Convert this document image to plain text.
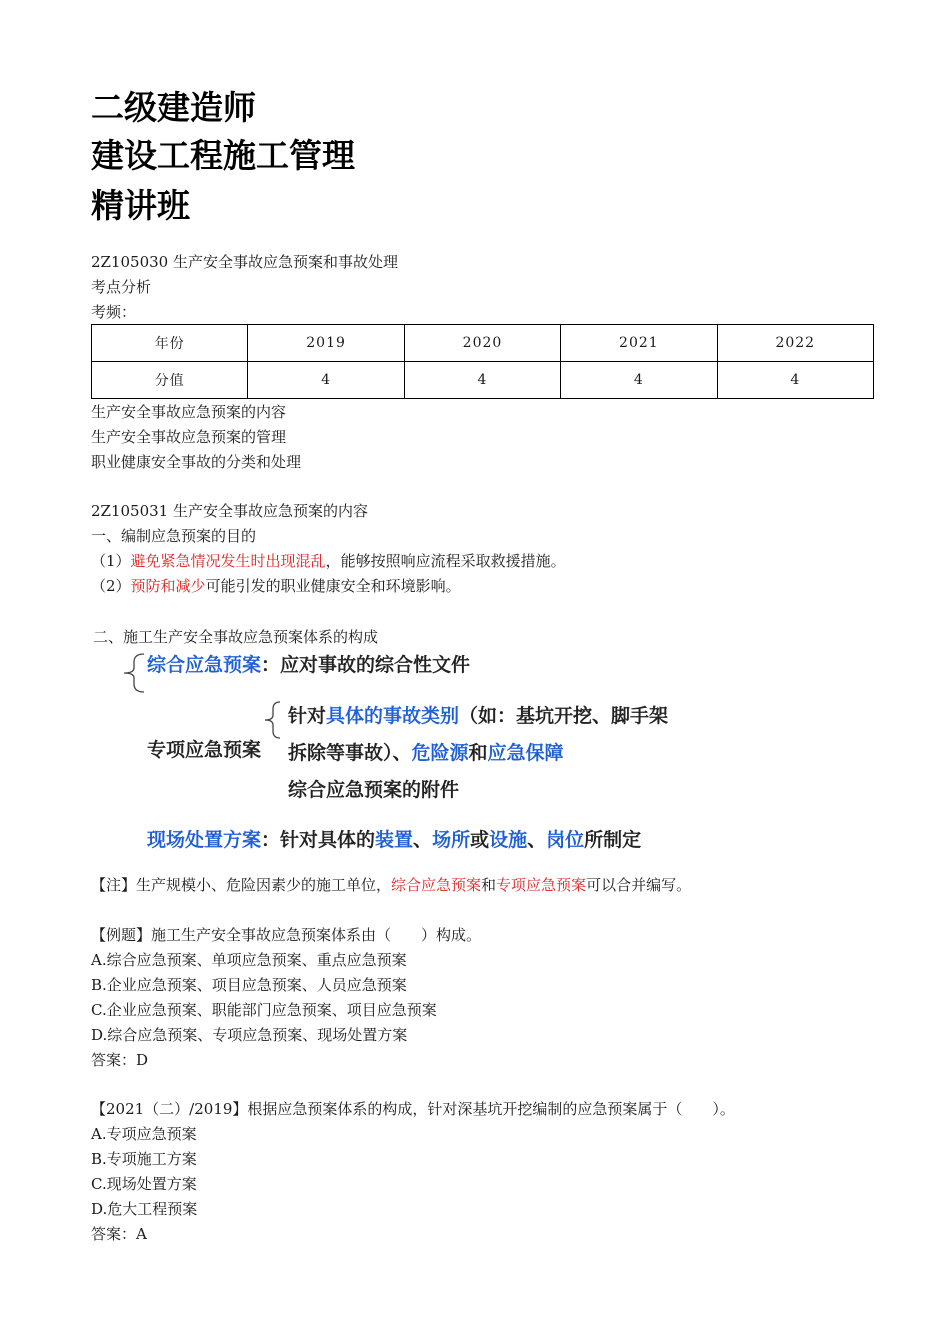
二级建造师
建设工程施工管理
精讲班
2Z105030 生产安全事故应急预案和事故处理
考点分析
考频：
年份	2019	2020	2021	2022
分值	4	4	4	4
生产安全事故应急预案的内容
生产安全事故应急预案的管理
职业健康安全事故的分类和处理
2Z105031 生产安全事故应急预案的内容
一、编制应急预案的目的
（1）避免紧急情况发生时出现混乱，能够按照响应流程采取救援措施。
（2）预防和减少可能引发的职业健康安全和环境影响。
二、施工生产安全事故应急预案体系的构成
综合应急预案：应对事故的综合性文件
专项应急预案
针对具体的事故类别（如：基坑开挖、脚手架
拆除等事故）、危险源和应急保障
综合应急预案的附件
现场处置方案：针对具体的装置、场所或设施、岗位所制定
【注】生产规模小、危险因素少的施工单位，综合应急预案和专项应急预案可以合并编写。
【例题】施工生产安全事故应急预案体系由（　　）构成。
A.综合应急预案、单项应急预案、重点应急预案
B.企业应急预案、项目应急预案、人员应急预案
C.企业应急预案、职能部门应急预案、项目应急预案
D.综合应急预案、专项应急预案、现场处置方案
答案：D
【2021（二）/2019】根据应急预案体系的构成，针对深基坑开挖编制的应急预案属于（　　）。
A.专项应急预案
B.专项施工方案
C.现场处置方案
D.危大工程预案
答案：A
